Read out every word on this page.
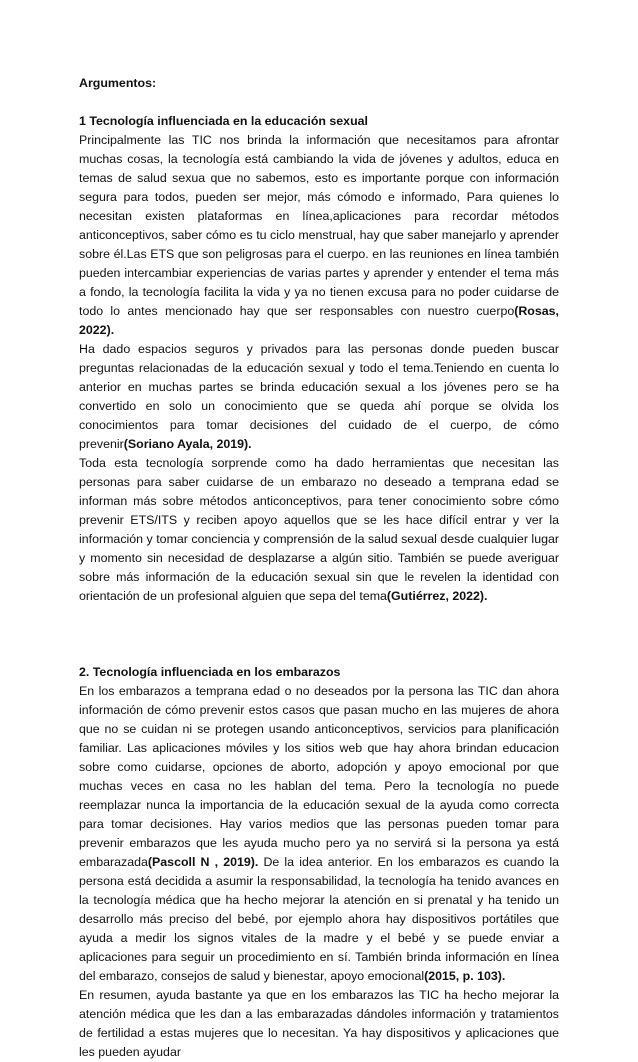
Argumentos:
1 Tecnología influenciada en la educación sexual

Principalmente las TIC nos brinda la información que necesitamos para afrontar muchas cosas, la tecnología está cambiando la vida de jóvenes y adultos, educa en temas de salud sexua que no sabemos, esto es importante porque con información segura para todos, pueden ser mejor, más cómodo e informado, Para quienes lo necesitan existen plataformas en línea,aplicaciones para recordar métodos anticonceptivos, saber cómo es tu ciclo menstrual, hay que saber manejarlo y aprender sobre él.Las ETS que son peligrosas para el cuerpo. en las reuniones en línea también pueden intercambiar experiencias de varias partes y aprender y entender el tema más a fondo, la tecnología facilita la vida y ya no tienen excusa para no poder cuidarse de todo lo antes mencionado hay que ser responsables con nuestro cuerpo(Rosas, 2022).

Ha dado espacios seguros y privados para las personas donde pueden buscar preguntas relacionadas de la educación sexual y todo el tema.Teniendo en cuenta lo anterior en muchas partes se brinda educación sexual a los jóvenes pero se ha convertido en solo un conocimiento que se queda ahí porque se olvida los conocimientos para tomar decisiones del cuidado de el cuerpo, de cómo prevenir(Soriano Ayala, 2019).

Toda esta tecnología sorprende como ha dado herramientas que necesitan las personas para saber cuidarse de un embarazo no deseado a temprana edad se informan más sobre métodos anticonceptivos, para tener conocimiento sobre cómo prevenir ETS/ITS y reciben apoyo aquellos que se les hace difícil entrar y ver la información y tomar conciencia y comprensión de la salud sexual desde cualquier lugar y momento sin necesidad de desplazarse a algún sitio. También se puede averiguar sobre más información de la educación sexual sin que le revelen la identidad con orientación de un profesional alguien que sepa del tema(Gutiérrez, 2022).

2. Tecnología influenciada en los embarazos

En los embarazos a temprana edad o no deseados por la persona las TIC dan ahora información de cómo prevenir estos casos que pasan mucho en las mujeres de ahora que no se cuidan ni se protegen usando anticonceptivos, servicios para planificación familiar. Las aplicaciones móviles y los sitios web que hay ahora brindan educacion sobre como cuidarse, opciones de aborto, adopción y apoyo emocional por que muchas veces en casa no les hablan del tema. Pero la tecnología no puede reemplazar nunca la importancia de la educación sexual de la ayuda como correcta para tomar decisiones. Hay varios medios que las personas pueden tomar para prevenir embarazos que les ayuda mucho pero ya no servirá si la persona ya está embarazada(Pascoll N , 2019). De la idea anterior. En los embarazos es cuando la persona está decidida a asumir la responsabilidad, la tecnología ha tenido avances en la tecnología médica que ha hecho mejorar la atención en si prenatal y ha tenido un desarrollo más preciso del bebé, por ejemplo ahora hay dispositivos portátiles que ayuda a medir los signos vitales de la madre y el bebé y se puede enviar a aplicaciones para seguir un procedimiento en sí. También brinda información en línea del embarazo, consejos de salud y bienestar, apoyo emocional(2015, p. 103).

En resumen, ayuda bastante ya que en los embarazos las TIC ha hecho mejorar la atención médica que les dan a las embarazadas dándoles información y tratamientos de fertilidad a estas mujeres que lo necesitan. Ya hay dispositivos y aplicaciones que les pueden ayudar
